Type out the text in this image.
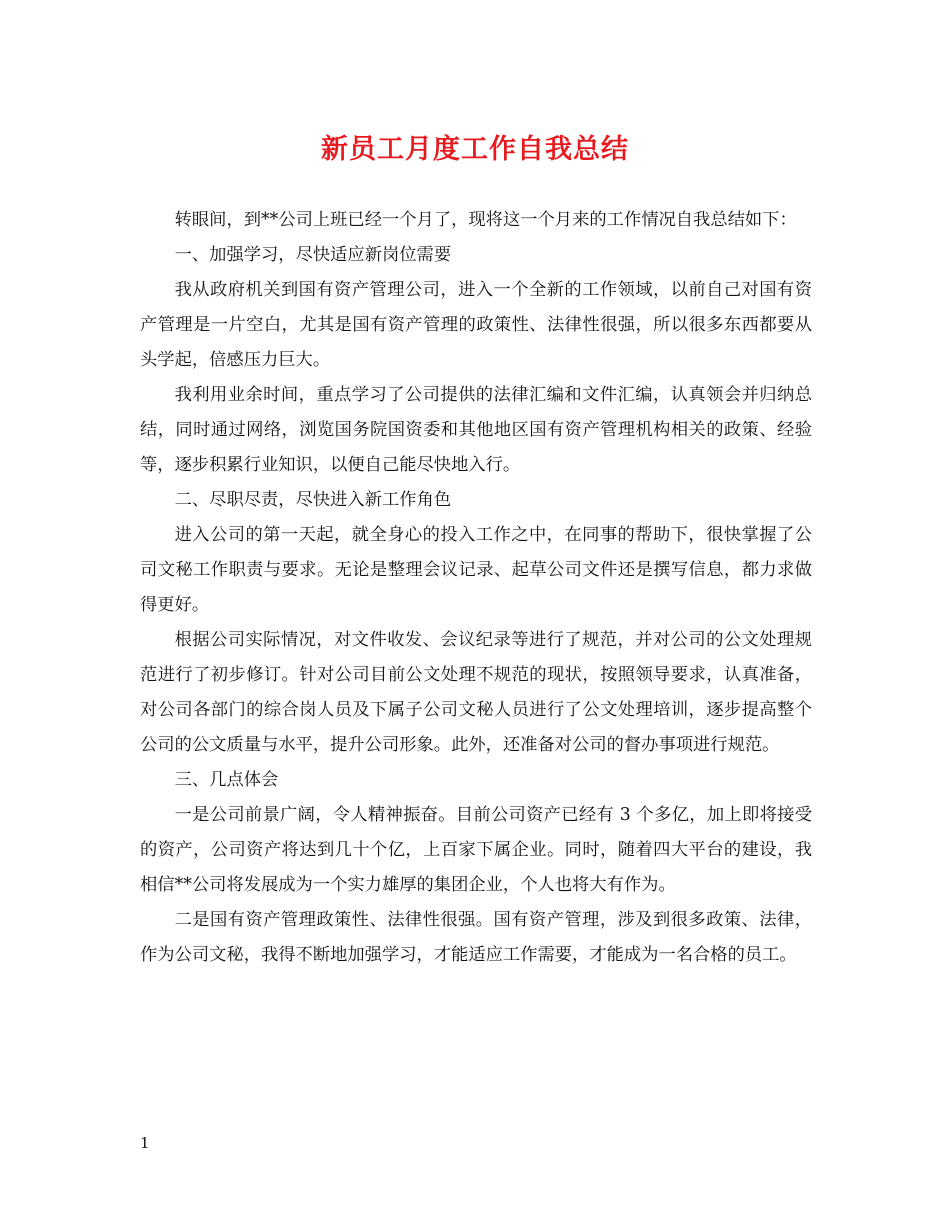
新员工月度工作自我总结

转眼间，到**公司上班已经一个月了，现将这一个月来的工作情况自我总结如下：

一、加强学习，尽快适应新岗位需要

我从政府机关到国有资产管理公司，进入一个全新的工作领域，以前自己对国有资产管理是一片空白，尤其是国有资产管理的政策性、法律性很强，所以很多东西都要从头学起，倍感压力巨大。

我利用业余时间，重点学习了公司提供的法律汇编和文件汇编，认真领会并归纳总结，同时通过网络，浏览国务院国资委和其他地区国有资产管理机构相关的政策、经验等，逐步积累行业知识，以便自己能尽快地入行。

二、尽职尽责，尽快进入新工作角色

进入公司的第一天起，就全身心的投入工作之中，在同事的帮助下，很快掌握了公司文秘工作职责与要求。无论是整理会议记录、起草公司文件还是撰写信息，都力求做得更好。

根据公司实际情况，对文件收发、会议纪录等进行了规范，并对公司的公文处理规范进行了初步修订。针对公司目前公文处理不规范的现状，按照领导要求，认真准备，对公司各部门的综合岗人员及下属子公司文秘人员进行了公文处理培训，逐步提高整个公司的公文质量与水平，提升公司形象。此外，还准备对公司的督办事项进行规范。

三、几点体会

一是公司前景广阔，令人精神振奋。目前公司资产已经有 3 个多亿，加上即将接受的资产，公司资产将达到几十个亿，上百家下属企业。同时，随着四大平台的建设，我相信**公司将发展成为一个实力雄厚的集团企业，个人也将大有作为。

二是国有资产管理政策性、法律性很强。国有资产管理，涉及到很多政策、法律，作为公司文秘，我得不断地加强学习，才能适应工作需要，才能成为一名合格的员工。

1
